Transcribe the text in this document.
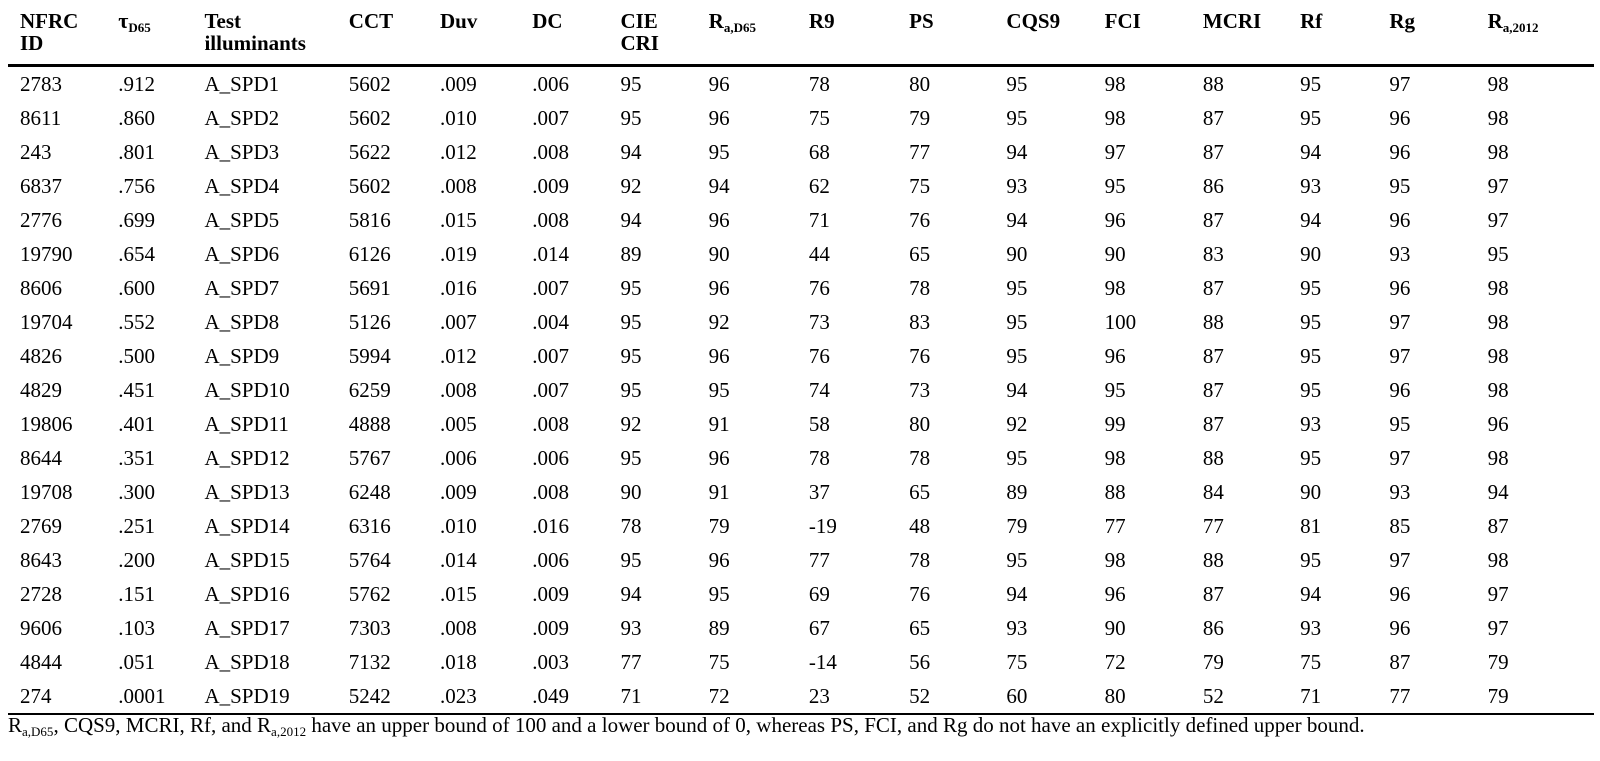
NFRC ID	$\tau_{D65}$	Test illuminants	CCT	Duv	DC	CIE CRI	$R_{a,D65}$	R9	PS	CQS9	FCI	MCRI	Rf	Rg	$R_{a,2012}$
2783	.912	A_SPD1	5602	.009	.006	95	96	78	80	95	98	88	95	97	98
8611	.860	A_SPD2	5602	.010	.007	95	96	75	79	95	98	87	95	96	98
243	.801	A_SPD3	5622	.012	.008	94	95	68	77	94	97	87	94	96	98
6837	.756	A_SPD4	5602	.008	.009	92	94	62	75	93	95	86	93	95	97
2776	.699	A_SPD5	5816	.015	.008	94	96	71	76	94	96	87	94	96	97
19790	.654	A_SPD6	6126	.019	.014	89	90	44	65	90	90	83	90	93	95
8606	.600	A_SPD7	5691	.016	.007	95	96	76	78	95	98	87	95	96	98
19704	.552	A_SPD8	5126	.007	.004	95	92	73	83	95	100	88	95	97	98
4826	.500	A_SPD9	5994	.012	.007	95	96	76	76	95	96	87	95	97	98
4829	.451	A_SPD10	6259	.008	.007	95	95	74	73	94	95	87	95	96	98
19806	.401	A_SPD11	4888	.005	.008	92	91	58	80	92	99	87	93	95	96
8644	.351	A_SPD12	5767	.006	.006	95	96	78	78	95	98	88	95	97	98
19708	.300	A_SPD13	6248	.009	.008	90	91	37	65	89	88	84	90	93	94
2769	.251	A_SPD14	6316	.010	.016	78	79	-19	48	79	77	77	81	85	87
8643	.200	A_SPD15	5764	.014	.006	95	96	77	78	95	98	88	95	97	98
2728	.151	A_SPD16	5762	.015	.009	94	95	69	76	94	96	87	94	96	97
9606	.103	A_SPD17	7303	.008	.009	93	89	67	65	93	90	86	93	96	97
4844	.051	A_SPD18	7132	.018	.003	77	75	-14	56	75	72	79	75	87	79
274	.0001	A_SPD19	5242	.023	.049	71	72	23	52	60	80	52	71	77	79
$R_{a,D65}$, CQS9, MCRI, Rf, and $R_{a,2012}$ have an upper bound of 100 and a lower bound of 0, whereas PS, FCI, and Rg do not have an explicitly defined upper bound.
